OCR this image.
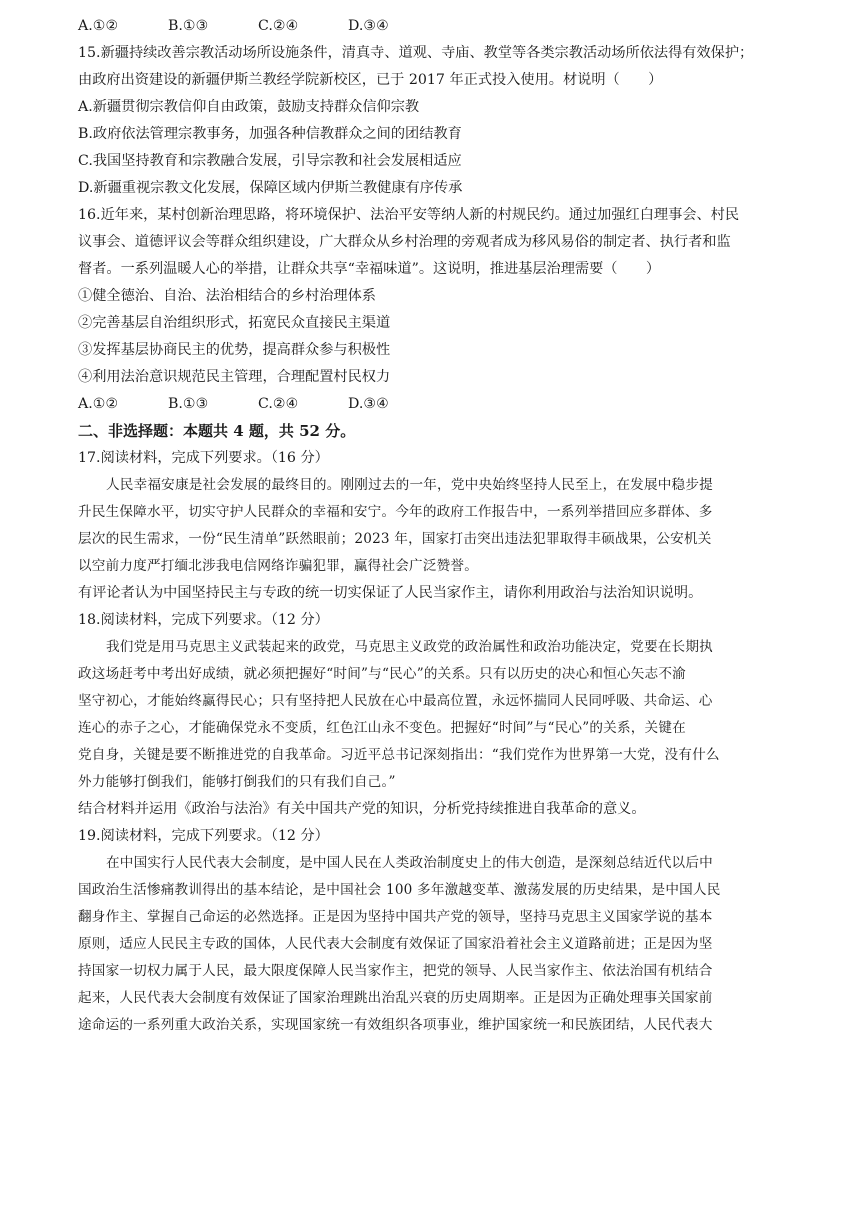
A.①②	B.①③	C.②④	D.③④
15.新疆持续改善宗教活动场所设施条件，清真寺、道观、寺庙、教堂等各类宗教活动场所依法得有效保护；
由政府出资建设的新疆伊斯兰教经学院新校区，已于 2017 年正式投入使用。材说明（　　）
A.新疆贯彻宗教信仰自由政策，鼓励支持群众信仰宗教
B.政府依法管理宗教事务，加强各种信教群众之间的团结教育
C.我国坚持教育和宗教融合发展，引导宗教和社会发展相适应
D.新疆重视宗教文化发展，保障区域内伊斯兰教健康有序传承
16.近年来，某村创新治理思路，将环境保护、法治平安等纳人新的村规民约。通过加强红白理事会、村民
议事会、道德评议会等群众组织建设，广大群众从乡村治理的旁观者成为移风易俗的制定者、执行者和监
督者。一系列温暖人心的举措，让群众共享“幸福味道”。这说明，推进基层治理需要（　　）
①健全德治、自治、法治相结合的乡村治理体系
②完善基层自治组织形式，拓宽民众直接民主渠道
③发挥基层协商民主的优势，提高群众参与积极性
④利用法治意识规范民主管理，合理配置村民权力
A.①②	B.①③	C.②④	D.③④
二、非选择题：本题共 4 题，共 52 分。
17.阅读材料，完成下列要求。（16 分）
人民幸福安康是社会发展的最终目的。刚刚过去的一年，党中央始终坚持人民至上，在发展中稳步提
升民生保障水平，切实守护人民群众的幸福和安宁。今年的政府工作报告中，一系列举措回应多群体、多
层次的民生需求，一份“民生清单”跃然眼前；2023 年，国家打击突出违法犯罪取得丰硕战果，公安机关
以空前力度严打缅北涉我电信网络诈骗犯罪，赢得社会广泛赞誉。
有评论者认为中国坚持民主与专政的统一切实保证了人民当家作主，请你利用政治与法治知识说明。
18.阅读材料，完成下列要求。（12 分）
我们党是用马克思主义武装起来的政党，马克思主义政党的政治属性和政治功能决定，党要在长期执
政这场赶考中考出好成绩，就必须把握好“时间”与“民心”的关系。只有以历史的决心和恒心矢志不渝
坚守初心，才能始终赢得民心；只有坚持把人民放在心中最高位置，永远怀揣同人民同呼吸、共命运、心
连心的赤子之心，才能确保党永不变质，红色江山永不变色。把握好“时间”与“民心”的关系，关键在
党自身，关键是要不断推进党的自我革命。习近平总书记深刻指出：“我们党作为世界第一大党，没有什么
外力能够打倒我们，能够打倒我们的只有我们自己。”
结合材料并运用《政治与法治》有关中国共产党的知识，分析党持续推进自我革命的意义。
19.阅读材料，完成下列要求。（12 分）
在中国实行人民代表大会制度，是中国人民在人类政治制度史上的伟大创造，是深刻总结近代以后中
国政治生活惨痛教训得出的基本结论，是中国社会 100 多年激越变革、激荡发展的历史结果，是中国人民
翻身作主、掌握自己命运的必然选择。正是因为坚持中国共产党的领导，坚持马克思主义国家学说的基本
原则，适应人民民主专政的国体，人民代表大会制度有效保证了国家沿着社会主义道路前进；正是因为坚
持国家一切权力属于人民，最大限度保障人民当家作主，把党的领导、人民当家作主、依法治国有机结合
起来，人民代表大会制度有效保证了国家治理跳出治乱兴衰的历史周期率。正是因为正确处理事关国家前
途命运的一系列重大政治关系，实现国家统一有效组织各项事业，维护国家统一和民族团结，人民代表大
